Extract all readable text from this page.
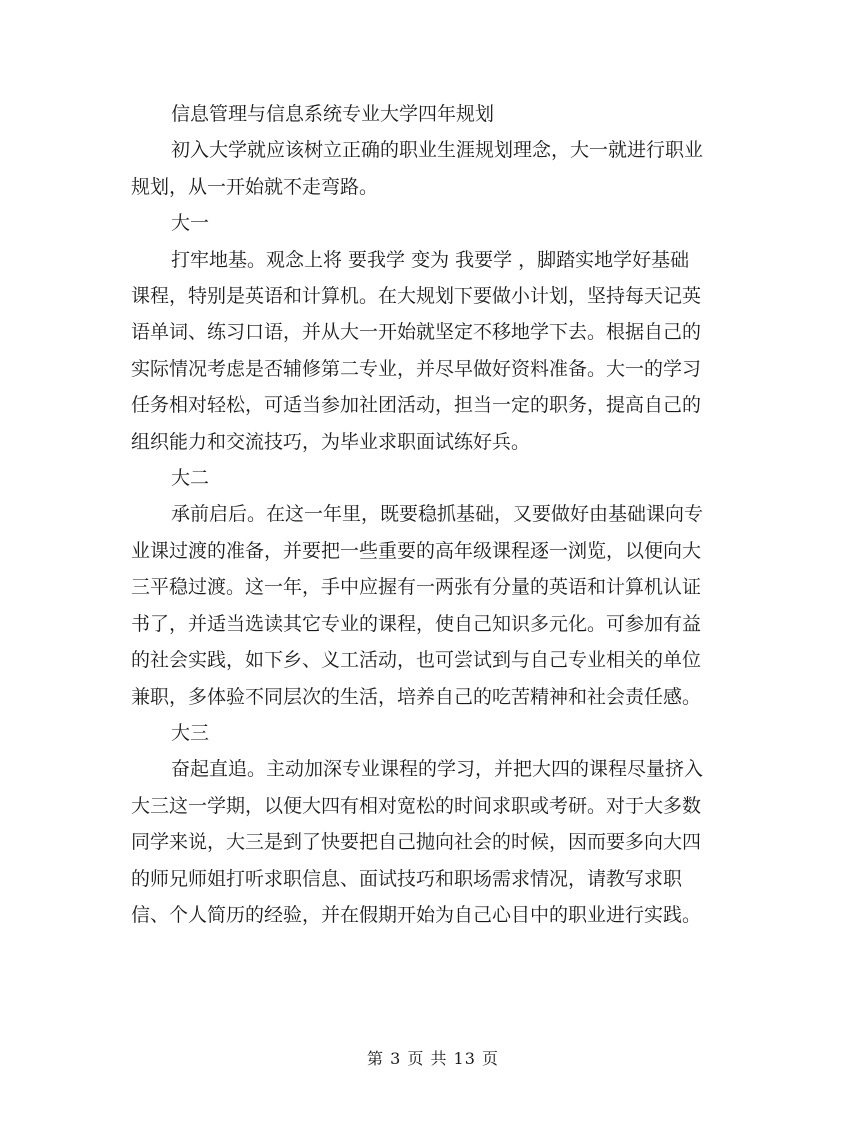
信息管理与信息系统专业大学四年规划
初入大学就应该树立正确的职业生涯规划理念，大一就进行职业
规划，从一开始就不走弯路。
大一
打牢地基。观念上将 要我学 变为 我要学 ，脚踏实地学好基础
课程，特别是英语和计算机。在大规划下要做小计划，坚持每天记英
语单词、练习口语，并从大一开始就坚定不移地学下去。根据自己的
实际情况考虑是否辅修第二专业，并尽早做好资料准备。大一的学习
任务相对轻松，可适当参加社团活动，担当一定的职务，提高自己的
组织能力和交流技巧，为毕业求职面试练好兵。
大二
承前启后。在这一年里，既要稳抓基础，又要做好由基础课向专
业课过渡的准备，并要把一些重要的高年级课程逐一浏览，以便向大
三平稳过渡。这一年，手中应握有一两张有分量的英语和计算机认证
书了，并适当选读其它专业的课程，使自己知识多元化。可参加有益
的社会实践，如下乡、义工活动，也可尝试到与自己专业相关的单位
兼职，多体验不同层次的生活，培养自己的吃苦精神和社会责任感。
大三
奋起直追。主动加深专业课程的学习，并把大四的课程尽量挤入
大三这一学期，以便大四有相对宽松的时间求职或考研。对于大多数
同学来说，大三是到了快要把自己抛向社会的时候，因而要多向大四
的师兄师姐打听求职信息、面试技巧和职场需求情况，请教写求职
信、个人简历的经验，并在假期开始为自己心目中的职业进行实践。
第 3 页 共 13 页
